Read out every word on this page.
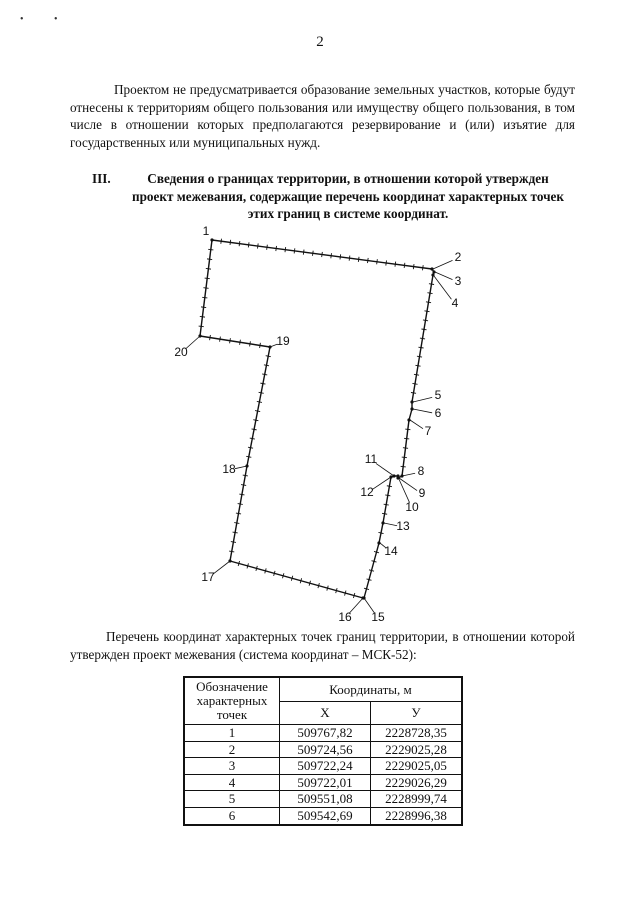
• •
2

Проектом не предусматривается образование земельных участков, которые будут отнесены к территориям общего пользования или имуществу общего пользования, в том числе в отношении которых предполагаются резервирование и (или) изъятие для государственных или муниципальных нужд.

III.	Сведения о границах территории, в отношении которой утвержден проект межевания, содержащие перечень координат характерных точек этих границ в системе координат.
1
2
3
4
5
6
7
8
9
10
11
12
13
14
15
16
17
18
19
20

Перечень координат характерных точек границ территории, в отношении которой утвержден проект межевания (система координат – МСК-52):

Обозначение характерных точек	Координаты, м	
	X	У
1	509767,82	2228728,35
2	509724,56	2229025,28
3	509722,24	2229025,05
4	509722,01	2229026,29
5	509551,08	2228999,74
6	509542,69	2228996,38
